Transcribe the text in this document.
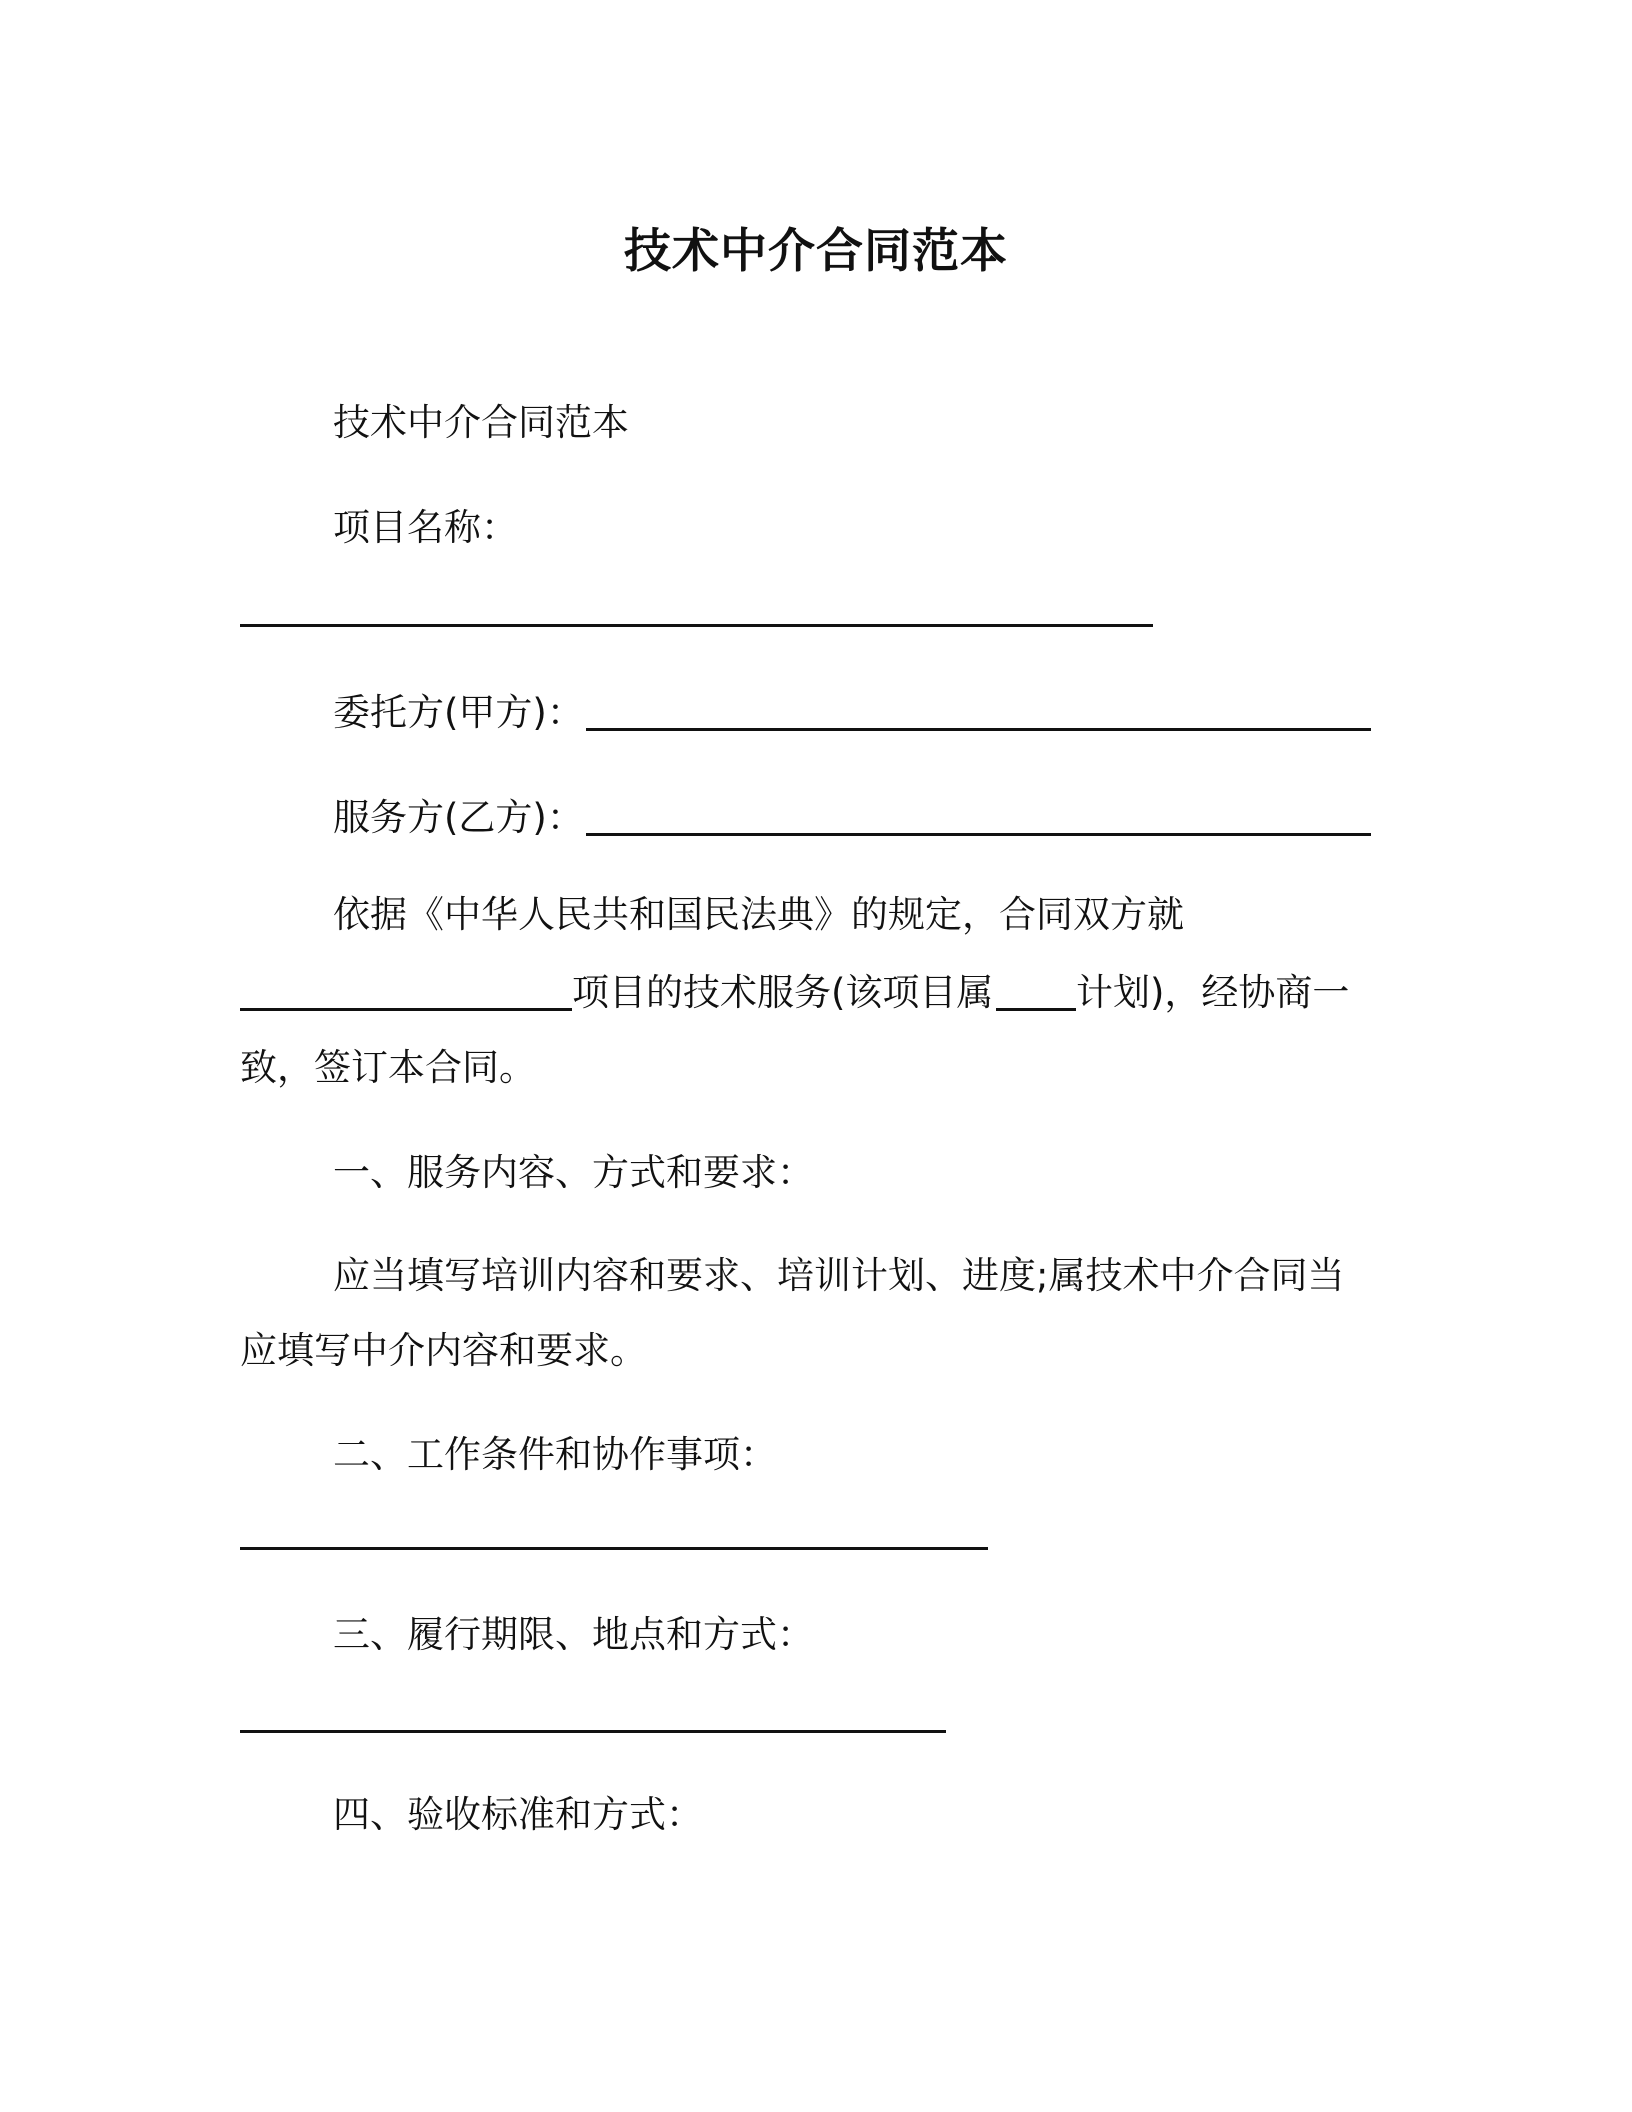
技术中介合同范本
技术中介合同范本
项目名称：
委托方(甲方)：
服务方(乙方)：
依据《中华人民共和国民法典》的规定，合同双方就
项目的技术服务(该项目属 计划)，经协商一
致，签订本合同。
一、服务内容、方式和要求：
应当填写培训内容和要求、培训计划、进度;属技术中介合同当
应填写中介内容和要求。
二、工作条件和协作事项：
三、履行期限、地点和方式：
四、验收标准和方式：
